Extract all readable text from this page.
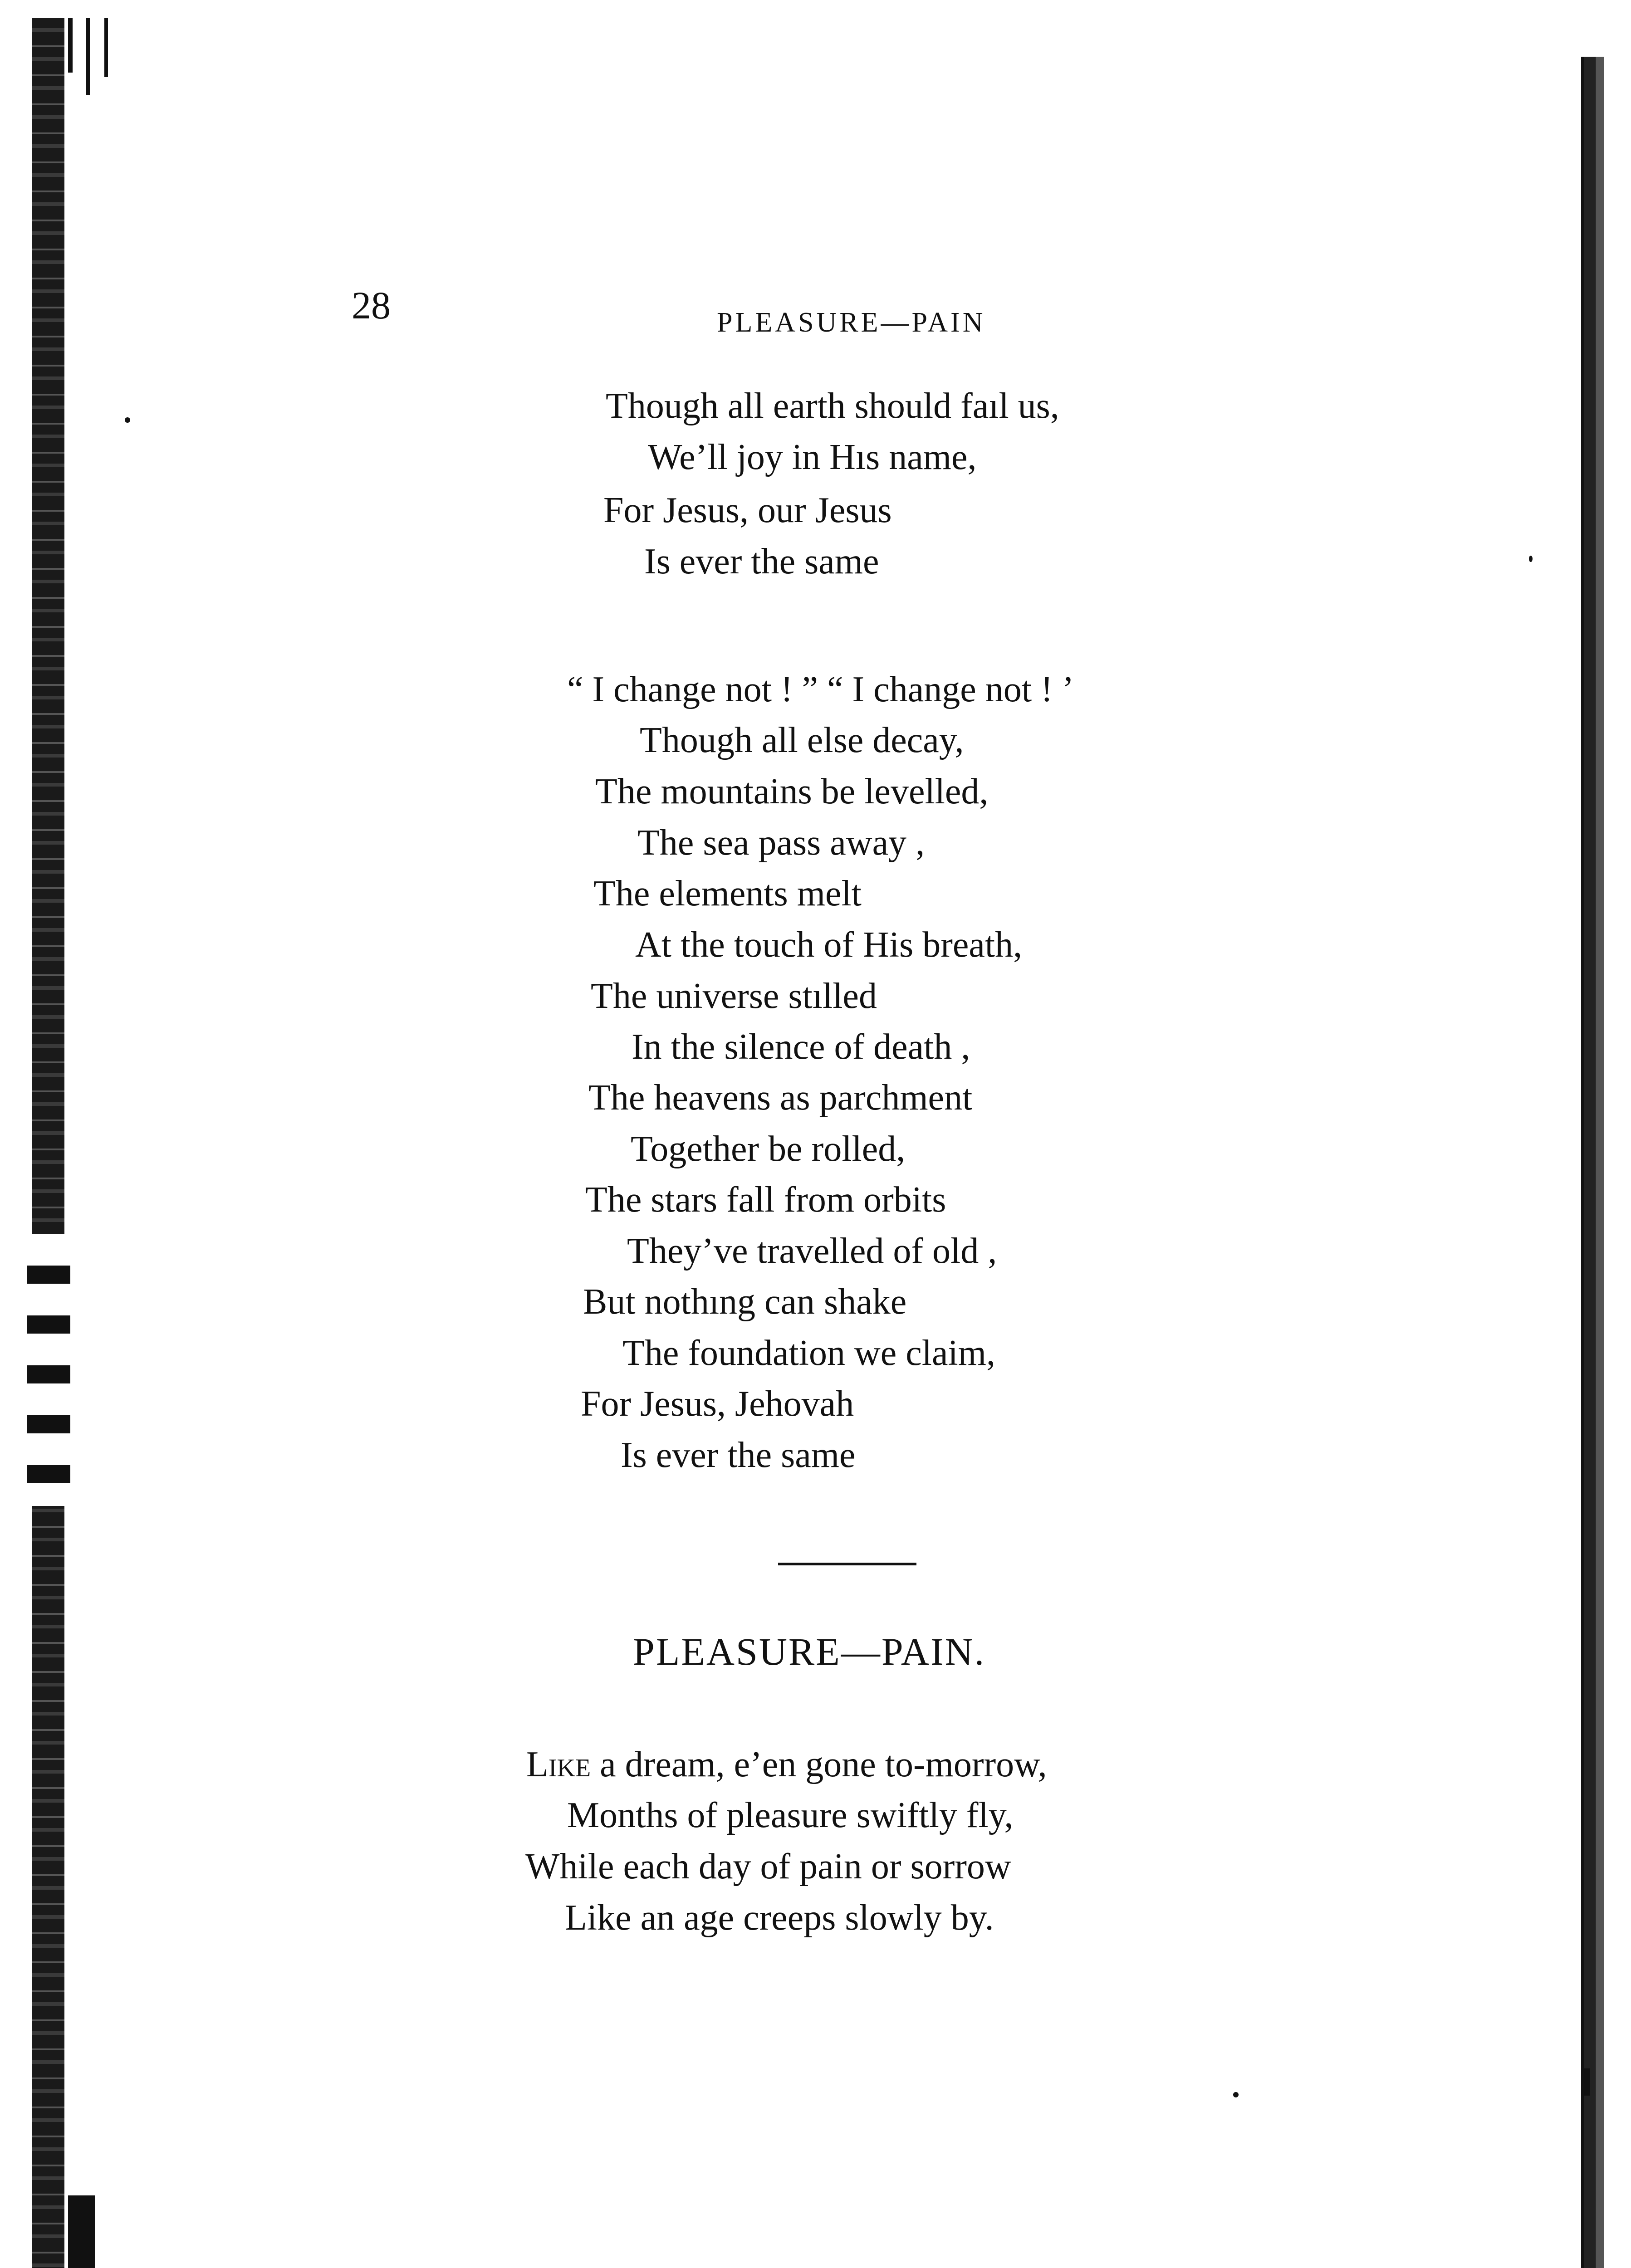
28	PLEASURE—PAIN
Though all earth should faıl us,
We’ll joy in Hıs name,
For Jesus, our Jesus
Is ever the same
“ I change not ! ” “ I change not ! ’
Though all else decay,
The mountains be levelled,
The sea pass away ,
The elements melt
At the touch of His breath,
The universe stılled
In the silence of death ,
The heavens as parchment
Together be rolled,
The stars fall from orbits
They’ve travelled of old ,
But nothıng can shake
The foundation we claim,
For Jesus, Jehovah
Is ever the same
PLEASURE—PAIN.
Like a dream, e’en gone to-morrow,
Months of pleasure swiftly fly,
While each day of pain or sorrow
Like an age creeps slowly by.
